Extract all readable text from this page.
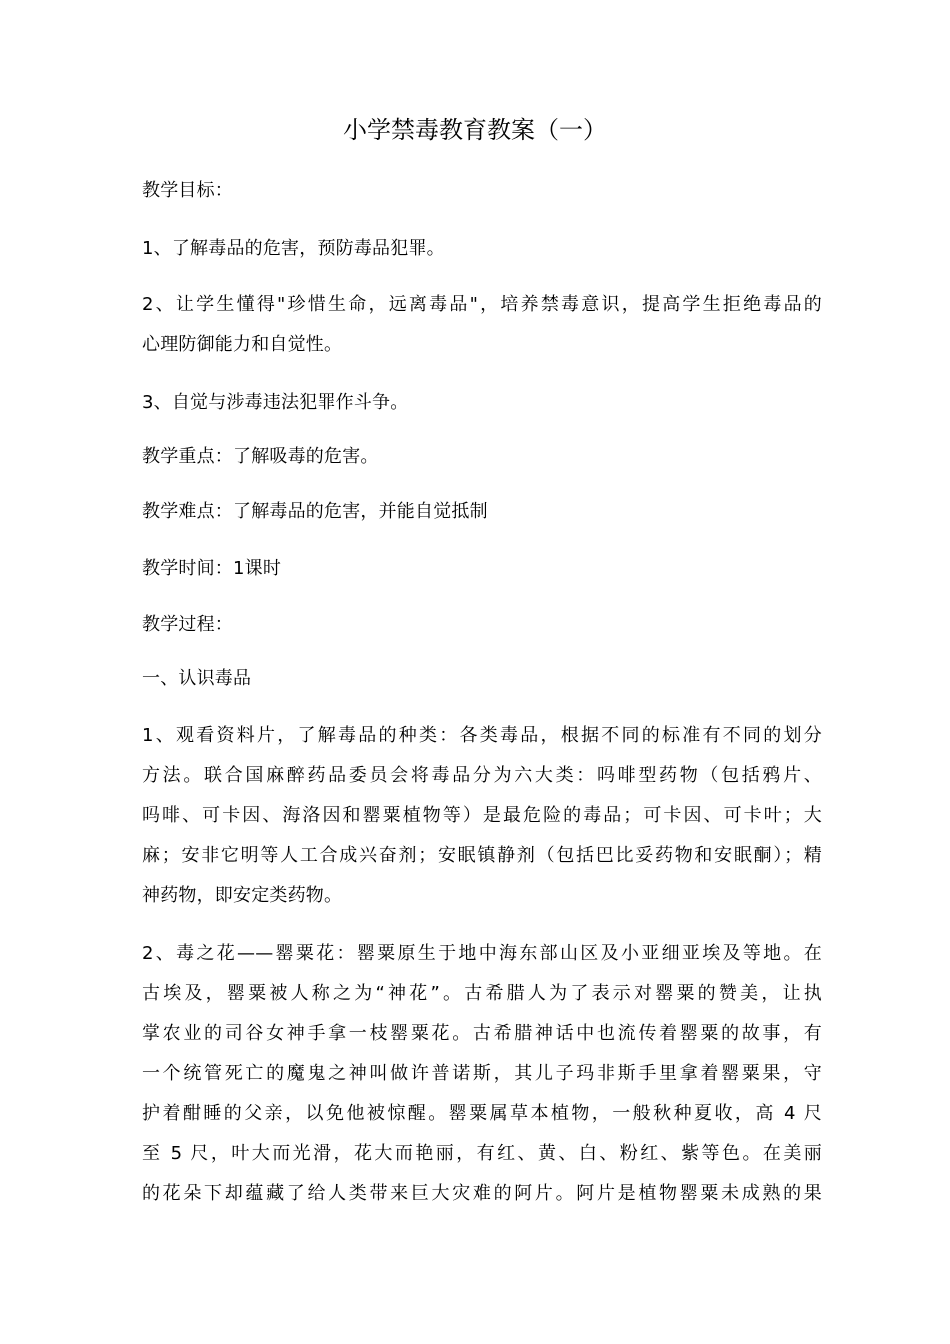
小学禁毒教育教案（一）
教学目标：
1、了解毒品的危害，预防毒品犯罪。
2、让学生懂得"珍惜生命，远离毒品"，培养禁毒意识，提高学生拒绝毒品的
心理防御能力和自觉性。
3、自觉与涉毒违法犯罪作斗争。
教学重点：了解吸毒的危害。
教学难点：了解毒品的危害，并能自觉抵制
教学时间：1课时
教学过程：
一、认识毒品
1、观看资料片，了解毒品的种类：各类毒品，根据不同的标准有不同的划分
方法。联合国麻醉药品委员会将毒品分为六大类：吗啡型药物（包括鸦片、
吗啡、可卡因、海洛因和罂粟植物等）是最危险的毒品；可卡因、可卡叶；大
麻；安非它明等人工合成兴奋剂；安眠镇静剂（包括巴比妥药物和安眠酮）；精
神药物，即安定类药物。
2、毒之花——罂粟花：罂粟原生于地中海东部山区及小亚细亚埃及等地。在
古埃及，罂粟被人称之为“神花”。古希腊人为了表示对罂粟的赞美，让执
掌农业的司谷女神手拿一枝罂粟花。古希腊神话中也流传着罂粟的故事，有
一个统管死亡的魔鬼之神叫做许普诺斯，其儿子玛非斯手里拿着罂粟果，守
护着酣睡的父亲，以免他被惊醒。罂粟属草本植物，一般秋种夏收，高 4 尺
至 5 尺，叶大而光滑，花大而艳丽，有红、黄、白、粉红、紫等色。在美丽
的花朵下却蕴藏了给人类带来巨大灾难的阿片。阿片是植物罂粟未成熟的果
